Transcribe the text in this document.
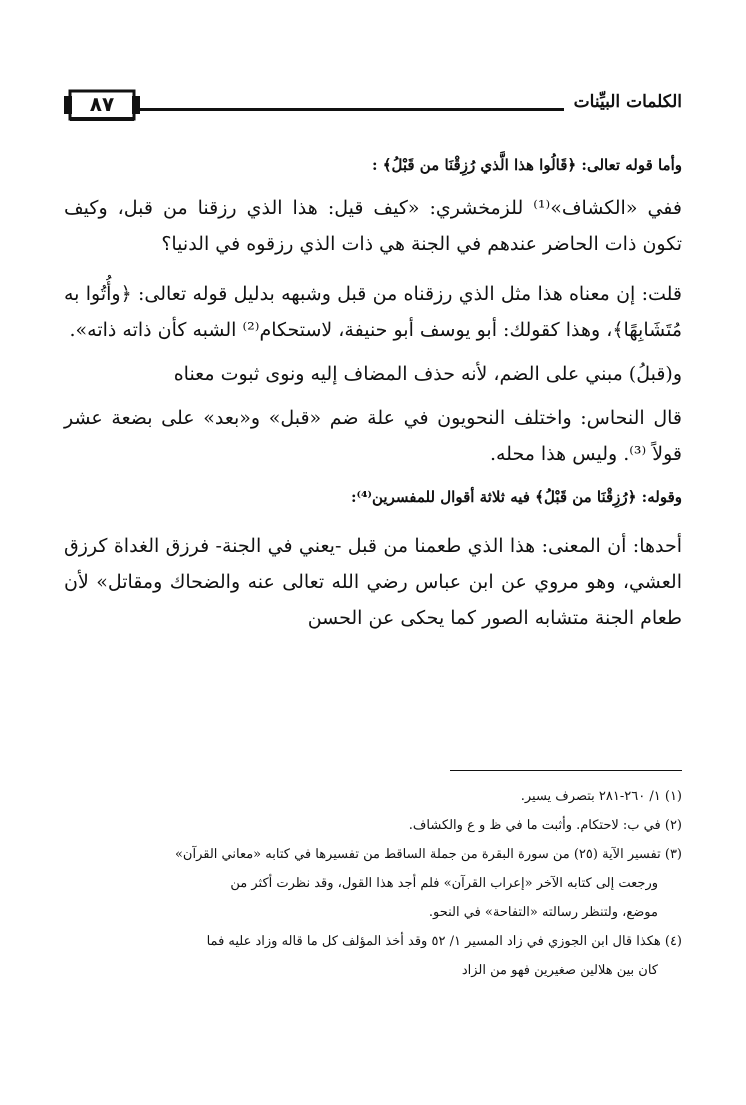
الكلمات البيِّنات
٨٧

وأما قوله تعالى: ﴿قَالُوا هذا الَّذي رُزِقْنَا من قَبْلُ﴾ :

ففي «الكشاف»⁽¹⁾ للزمخشري: «كيف قيل: هذا الذي رزقنا من قبل، وكيف تكون ذات الحاضر عندهم في الجنة هي ذات الذي رزقوه في الدنيا؟

قلت: إن معناه هذا مثل الذي رزقناه من قبل وشبهه بدليل قوله تعالى: ﴿وأُتُوا به مُتَشَابِهًا﴾، وهذا كقولك: أبو يوسف أبو حنيفة، لاستحكام⁽²⁾ الشبه كأن ذاته ذاته».

و(قبلُ) مبني على الضم، لأنه حذف المضاف إليه ونوى ثبوت معناه

قال النحاس: واختلف النحويون في علة ضم «قبل» و«بعد» على بضعة عشر قولاً ⁽³⁾. وليس هذا محله.

وقوله: ﴿رُزِقْنَا من قَبْلُ﴾ فيه ثلاثة أقوال للمفسرين⁽⁴⁾:

أحدها: أن المعنى: هذا الذي طعمنا من قبل -يعني في الجنة- فرزق الغداة كرزق العشي، وهو مروي عن ابن عباس رضي الله تعالى عنه والضحاك ومقاتل» لأن طعام الجنة متشابه الصور كما يحكى عن الحسن

(١) ١/ ٢٦٠-٢٨١ بتصرف يسير.

(٢) في ب: لاحتكام. وأثبت ما في ظ و ع والكشاف.

(٣) تفسير الآية (٢٥) من سورة البقرة من جملة الساقط من تفسيرها في كتابه «معاني القرآن»

ورجعت إلى كتابه الآخر «إعراب القرآن» فلم أجد هذا القول، وقد نظرت أكثر من

موضع، ولتنظر رسالته «التفاحة» في النحو.

(٤) هكذا قال ابن الجوزي في زاد المسير ١/ ٥٢ وقد أخذ المؤلف كل ما قاله وزاد عليه فما

كان بين هلالين صغيرين فهو من الزاد
